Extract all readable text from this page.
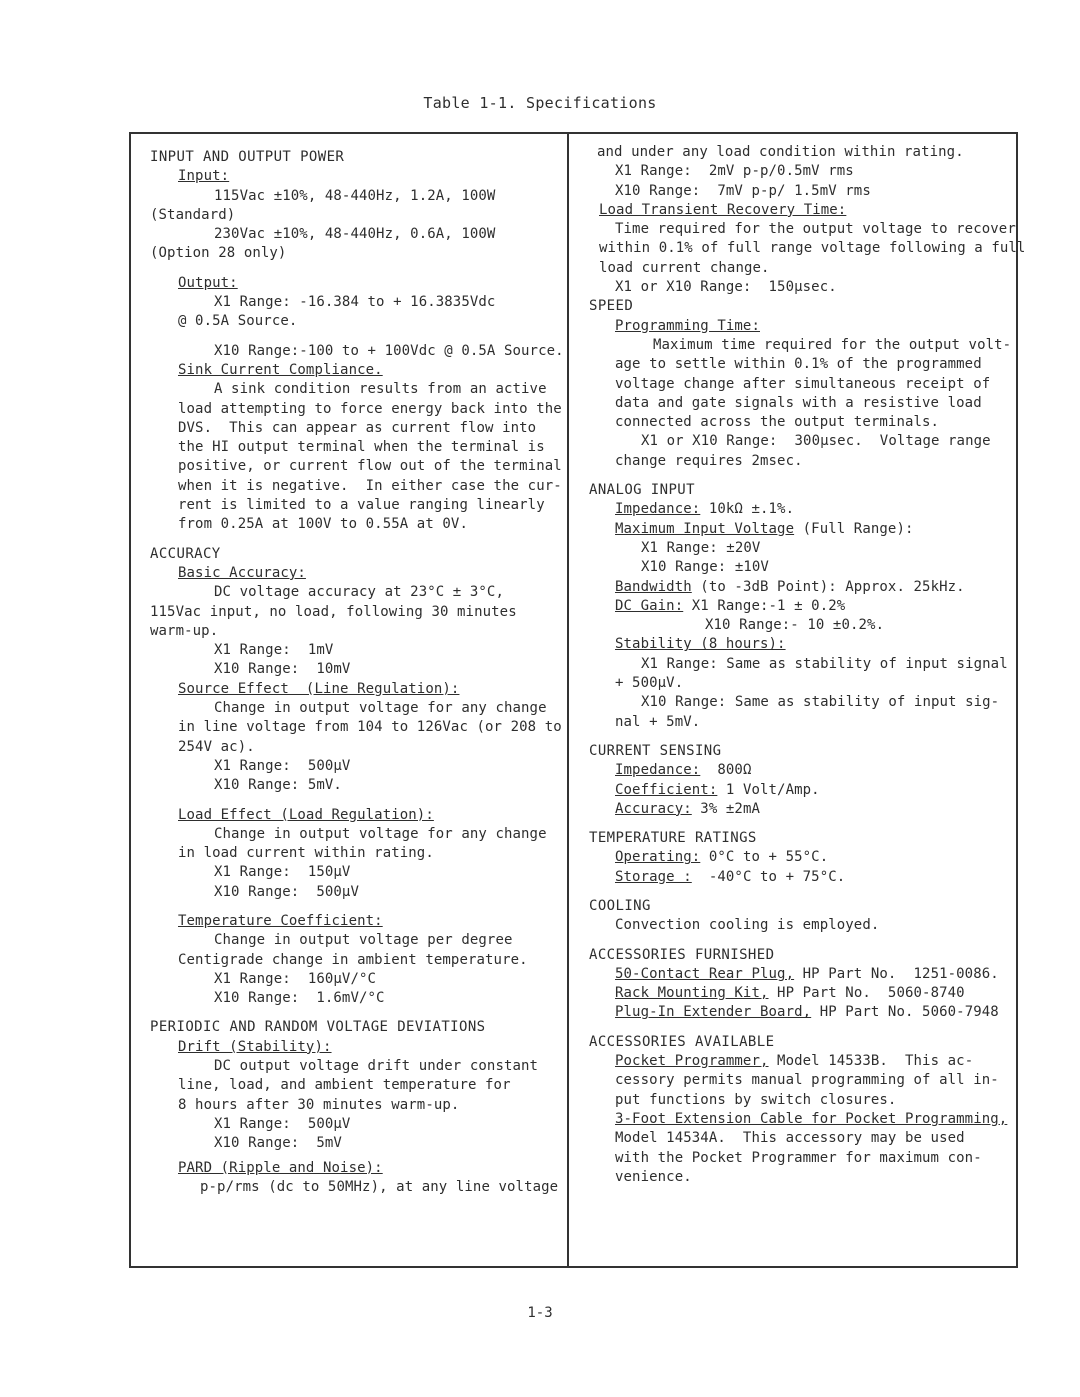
Table 1-1. Specifications
INPUT AND OUTPUT POWER
Input:
115Vac ±10%, 48-440Hz, 1.2A, 100W
(Standard)
230Vac ±10%, 48-440Hz, 0.6A, 100W
(Option 28 only)
Output:
X1 Range: -16.384 to + 16.3835Vdc
@ 0.5A Source.
X10 Range:-100 to + 100Vdc @ 0.5A Source.
Sink Current Compliance.
A sink condition results from an active
load attempting to force energy back into the
DVS.  This can appear as current flow into
the HI output terminal when the terminal is
positive, or current flow out of the terminal
when it is negative.  In either case the cur-
rent is limited to a value ranging linearly
from 0.25A at 100V to 0.55A at 0V.
ACCURACY
Basic Accuracy:
DC voltage accuracy at 23°C ± 3°C,
115Vac input, no load, following 30 minutes
warm-up.
X1 Range:  1mV
X10 Range:  10mV
Source Effect  (Line Regulation):
Change in output voltage for any change
in line voltage from 104 to 126Vac (or 208 to
254V ac).
X1 Range:  500µV
X10 Range: 5mV.
Load Effect (Load Regulation):
Change in output voltage for any change
in load current within rating.
X1 Range:  150µV
X10 Range:  500µV
Temperature Coefficient:
Change in output voltage per degree
Centigrade change in ambient temperature.
X1 Range:  160µV/°C
X10 Range:  1.6mV/°C
PERIODIC AND RANDOM VOLTAGE DEVIATIONS
Drift (Stability):
DC output voltage drift under constant
line, load, and ambient temperature for
8 hours after 30 minutes warm-up.
X1 Range:  500µV
X10 Range:  5mV
PARD (Ripple and Noise):
p-p/rms (dc to 50MHz), at any line voltage
and under any load condition within rating.
X1 Range:  2mV p-p/0.5mV rms
X10 Range:  7mV p-p/ 1.5mV rms
Load Transient Recovery Time:
Time required for the output voltage to recover
within 0.1% of full range voltage following a full
load current change.
X1 or X10 Range:  150µsec.
SPEED
Programming Time:
Maximum time required for the output volt-
age to settle within 0.1% of the programmed
voltage change after simultaneous receipt of
data and gate signals with a resistive load
connected across the output terminals.
X1 or X10 Range:  300µsec.  Voltage range
change requires 2msec.
ANALOG INPUT
Impedance: 10kΩ ±.1%.
Maximum Input Voltage (Full Range):
X1 Range: ±20V
X10 Range: ±10V
Bandwidth (to -3dB Point): Approx. 25kHz.
DC Gain: X1 Range:-1 ± 0.2%
X10 Range:- 10 ±0.2%.
Stability (8 hours):
X1 Range: Same as stability of input signal
+ 500µV.
X10 Range: Same as stability of input sig-
nal + 5mV.
CURRENT SENSING
Impedance:  800Ω
Coefficient: 1 Volt/Amp.
Accuracy: 3% ±2mA
TEMPERATURE RATINGS
Operating: 0°C to + 55°C.
Storage :  -40°C to + 75°C.
COOLING
Convection cooling is employed.
ACCESSORIES FURNISHED
50-Contact Rear Plug, HP Part No.  1251-0086.
Rack Mounting Kit, HP Part No.  5060-8740
Plug-In Extender Board, HP Part No. 5060-7948
ACCESSORIES AVAILABLE
Pocket Programmer, Model 14533B.  This ac-
cessory permits manual programming of all in-
put functions by switch closures.
3-Foot Extension Cable for Pocket Programming,
Model 14534A.  This accessory may be used
with the Pocket Programmer for maximum con-
venience.
1-3
